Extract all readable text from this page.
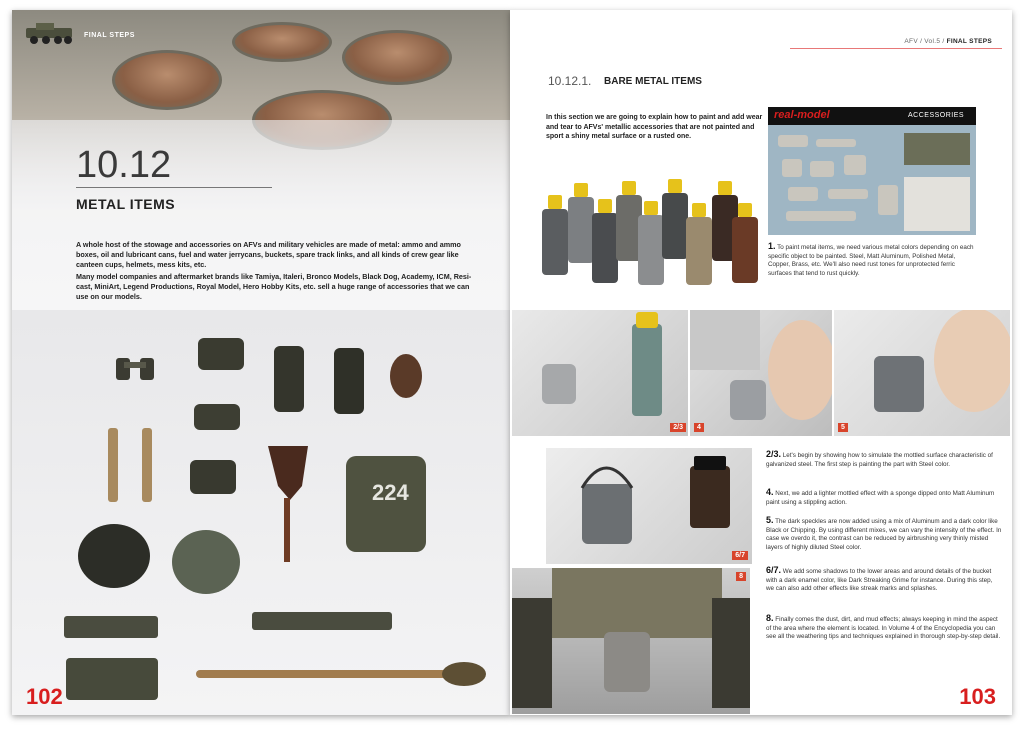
FINAL STEPS
10.12
METAL ITEMS

A whole host of the stowage and accessories on AFVs and military vehicles are made of metal: ammo and ammo boxes, oil and lubricant cans, fuel and water jerrycans, buckets, spare track links, and all kinds of crew gear like canteen cups, helmets, mess kits, etc.

Many model companies and aftermarket brands like Tamiya, Italeri, Bronco Models, Black Dog, Academy, ICM, Resi-cast, MiniArt, Legend Productions, Royal Model, Hero Hobby Kits, etc. sell a huge range of accessories that we can use on our models.

224
102
AFV / Vol.5 / FINAL STEPS
10.12.1. BARE METAL ITEMS
In this section we are going to explain how to paint and add wear and tear to AFVs' metallic accessories that are not painted and sport a shiny metal surface or a rusted one.
real-model	ACCESSORIES
1. To paint metal items, we need various metal colors depending on each specific object to be painted. Steel, Matt Aluminum, Polished Metal, Copper, Brass, etc. We'll also need rust tones for unprotected ferric surfaces that tend to rust quickly.
2/3	4	5
6/7
8
2/3. Let's begin by showing how to simulate the mottled surface characteristic of galvanized steel. The first step is painting the part with Steel color.
4. Next, we add a lighter mottled effect with a sponge dipped onto Matt Aluminum paint using a stippling action.
5. The dark speckles are now added using a mix of Aluminum and a dark color like Black or Chipping. By using different mixes, we can vary the intensity of the effect. In case we overdo it, the contrast can be reduced by airbrushing very thinly misted layers of highly diluted Steel color.
6/7. We add some shadows to the lower areas and around details of the bucket with a dark enamel color, like Dark Streaking Grime for instance. During this step, we can also add other effects like streak marks and splashes.
8. Finally comes the dust, dirt, and mud effects; always keeping in mind the aspect of the area where the element is located. In Volume 4 of the Encyclopedia you can see all the weathering tips and techniques explained in thorough step-by-step detail.
103
